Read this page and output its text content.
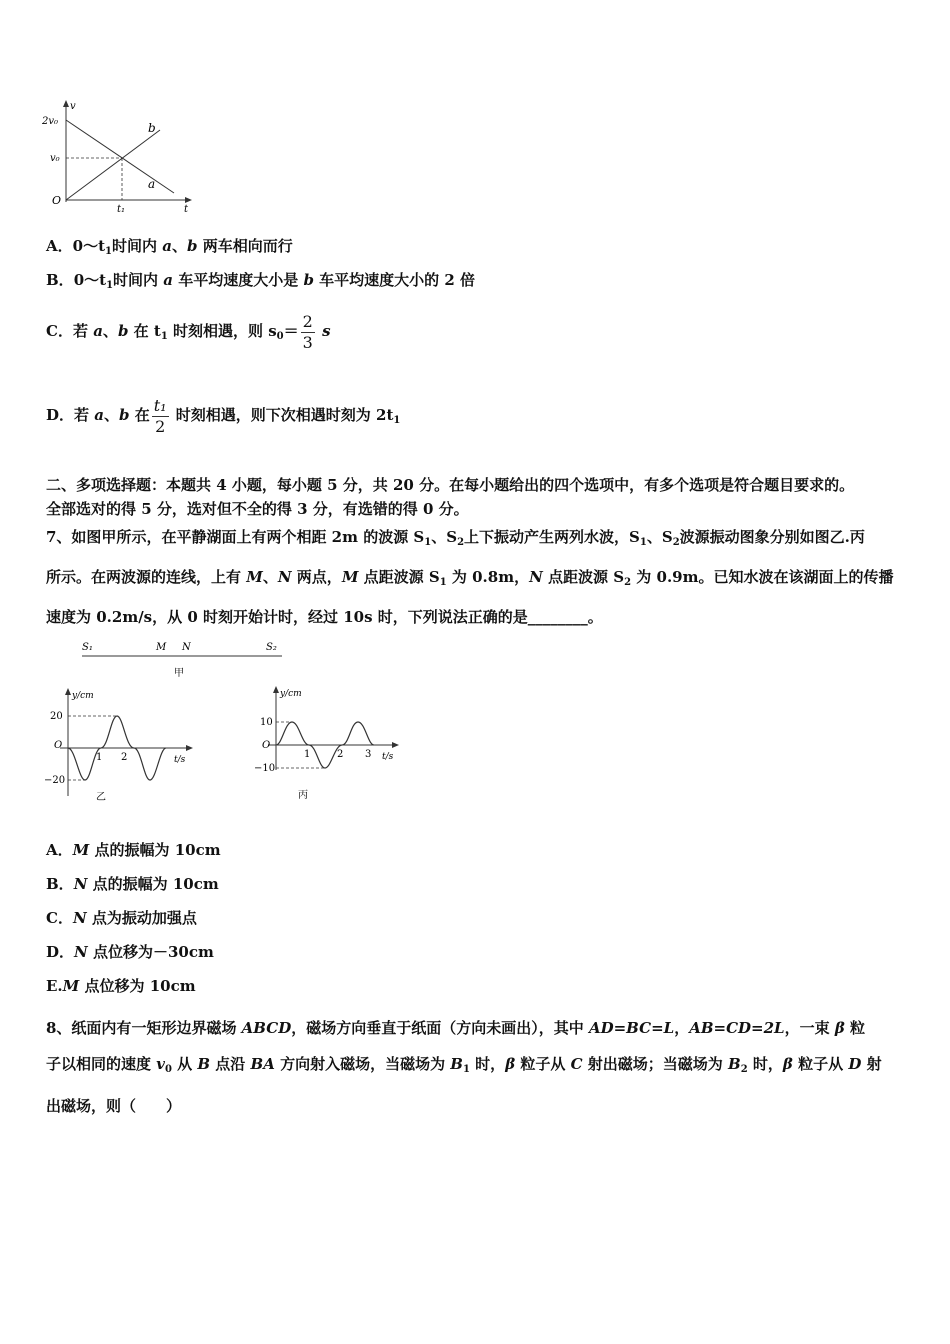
v
2v₀
v₀
O
t₁	t
b
a
A．$0\sim t_1$时间内 a、b 两车相向而行
B．$0\sim t_1$时间内 a 车平均速度大小是 b 车平均速度大小的 2 倍
C．若 a、b 在 $t_1$ 时刻相遇，则 $s_0= \frac{2}{3}$ s
D．若 a、b 在 $\frac{\text{t₁}}{2}$ 时刻相遇，则下次相遇时刻为 $2t_1$

二、多项选择题：本题共 4 小题，每小题 5 分，共 20 分。在每小题给出的四个选项中，有多个选项是符合题目要求的。

全部选对的得 5 分，选对但不全的得 3 分，有选错的得 0 分。

7、如图甲所示，在平静湖面上有两个相距 2m 的波源 $S_1$、$S_2$上下振动产生两列水波，$S_1$、$S_2$波源振动图象分别如图乙.丙

所示。在两波源的连线，上有 M、N 两点，M 点距波源 $S_1$ 为 0.8m，N 点距波源 $S_2$ 为 0.9m。已知水波在该湖面上的传播

速度为 0.2m/s，从 0 时刻开始计时，经过 10s 时，下列说法正确的是________。

S₁	M N	S₂
甲
y/cm
20
O
−20
1 2	t/s
乙
y/cm
10
O
−10
1	2 3 t/s
丙
A．M 点的振幅为 10cm
B．N 点的振幅为 10cm
C．N 点为振动加强点
D．N 点位移为－30cm
E.M 点位移为 10cm

8、纸面内有一矩形边界磁场 ABCD，磁场方向垂直于纸面（方向未画出），其中 AD=BC=L，AB=CD=2L，一束 β 粒

子以相同的速度 $v_0$ 从 B 点沿 BA 方向射入磁场，当磁场为 $B_1$ 时，β 粒子从 C 射出磁场；当磁场为 $B_2$ 时，β 粒子从 D 射

出磁场，则（　　）
